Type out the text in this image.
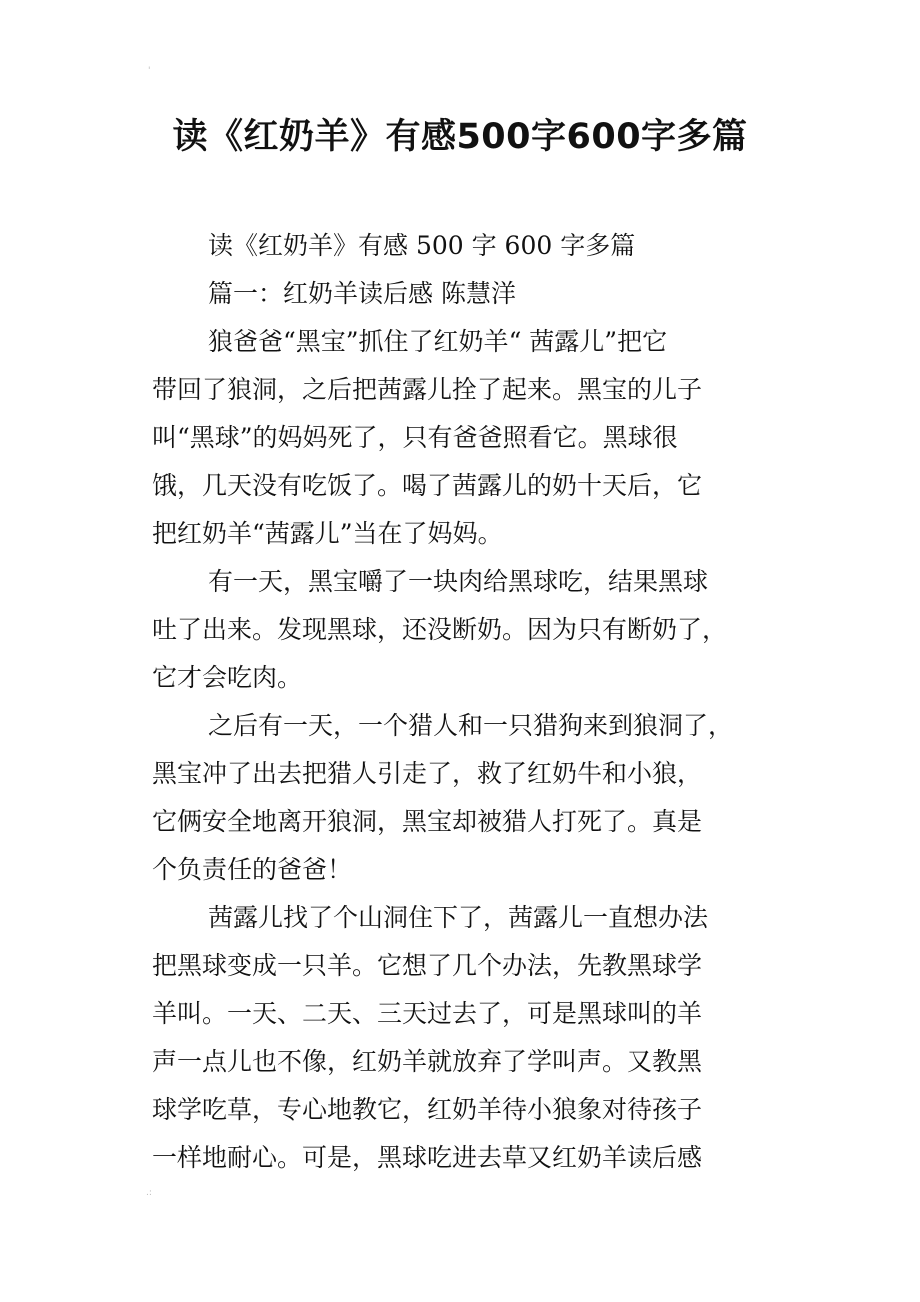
'
.:
读《红奶羊》有感500字600字多篇
读《红奶羊》有感 500 字 600 字多篇
篇一：红奶羊读后感 陈慧洋
狼爸爸“黑宝”抓住了红奶羊“ 茜露儿”把它
带回了狼洞，之后把茜露儿拴了起来。黑宝的儿子
叫“黑球”的妈妈死了，只有爸爸照看它。黑球很
饿，几天没有吃饭了。喝了茜露儿的奶十天后，它
把红奶羊“茜露儿”当在了妈妈。
有一天，黑宝嚼了一块肉给黑球吃，结果黑球
吐了出来。发现黑球，还没断奶。因为只有断奶了，
它才会吃肉。
之后有一天，一个猎人和一只猎狗来到狼洞了，
黑宝冲了出去把猎人引走了，救了红奶牛和小狼，
它俩安全地离开狼洞，黑宝却被猎人打死了。真是
个负责任的爸爸！
茜露儿找了个山洞住下了，茜露儿一直想办法
把黑球变成一只羊。它想了几个办法，先教黑球学
羊叫。一天、二天、三天过去了，可是黑球叫的羊
声一点儿也不像，红奶羊就放弃了学叫声。又教黑
球学吃草，专心地教它，红奶羊待小狼象对待孩子
一样地耐心。可是，黑球吃进去草又红奶羊读后感
